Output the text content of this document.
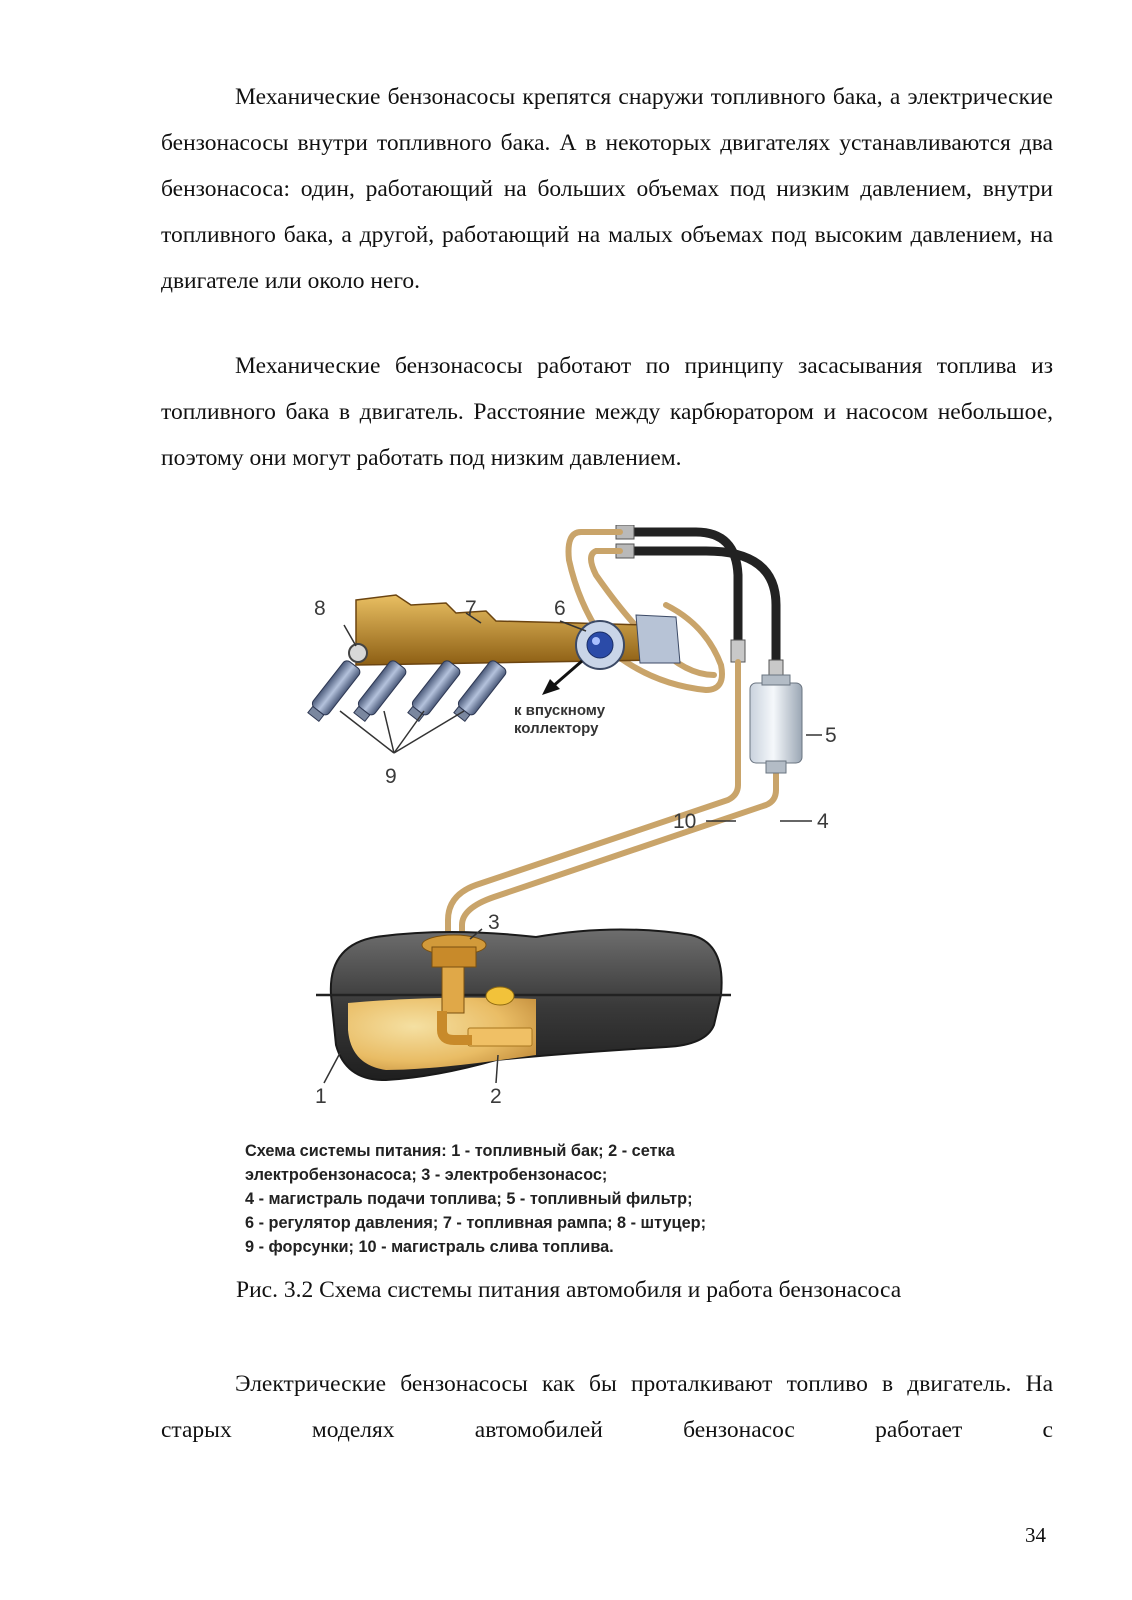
Механические бензонасосы крепятся снаружи топливного бака, а электрические бензонасосы внутри топливного бака. А в некоторых двигателях устанавливаются два бензонасоса: один, работающий на больших объемах под низким давлением, внутри топливного бака, а другой, работающий на малых объемах под высоким давлением, на двигателе или около него.
Механические бензонасосы работают по принципу засасывания топлива из топливного бака в двигатель. Расстояние между карбюратором и насосом небольшое, поэтому они могут работать под низким давлением.
к впускному
коллектору
8	7	6
5
9
10	4
3
1	2
Схема системы питания: 1 - топливный бак; 2 - сетка
электробензонасоса; 3 - электробензонасос;
4 - магистраль подачи топлива; 5 - топливный фильтр;
6 - регулятор давления; 7 - топливная рампа; 8 - штуцер;
9 - форсунки; 10 - магистраль слива топлива.
Рис. 3.2 Схема системы питания автомобиля и работа бензонасоса
Электрические бензонасосы как бы проталкивают топливо в двигатель. На старых моделях автомобилей бензонасос работает с
34
